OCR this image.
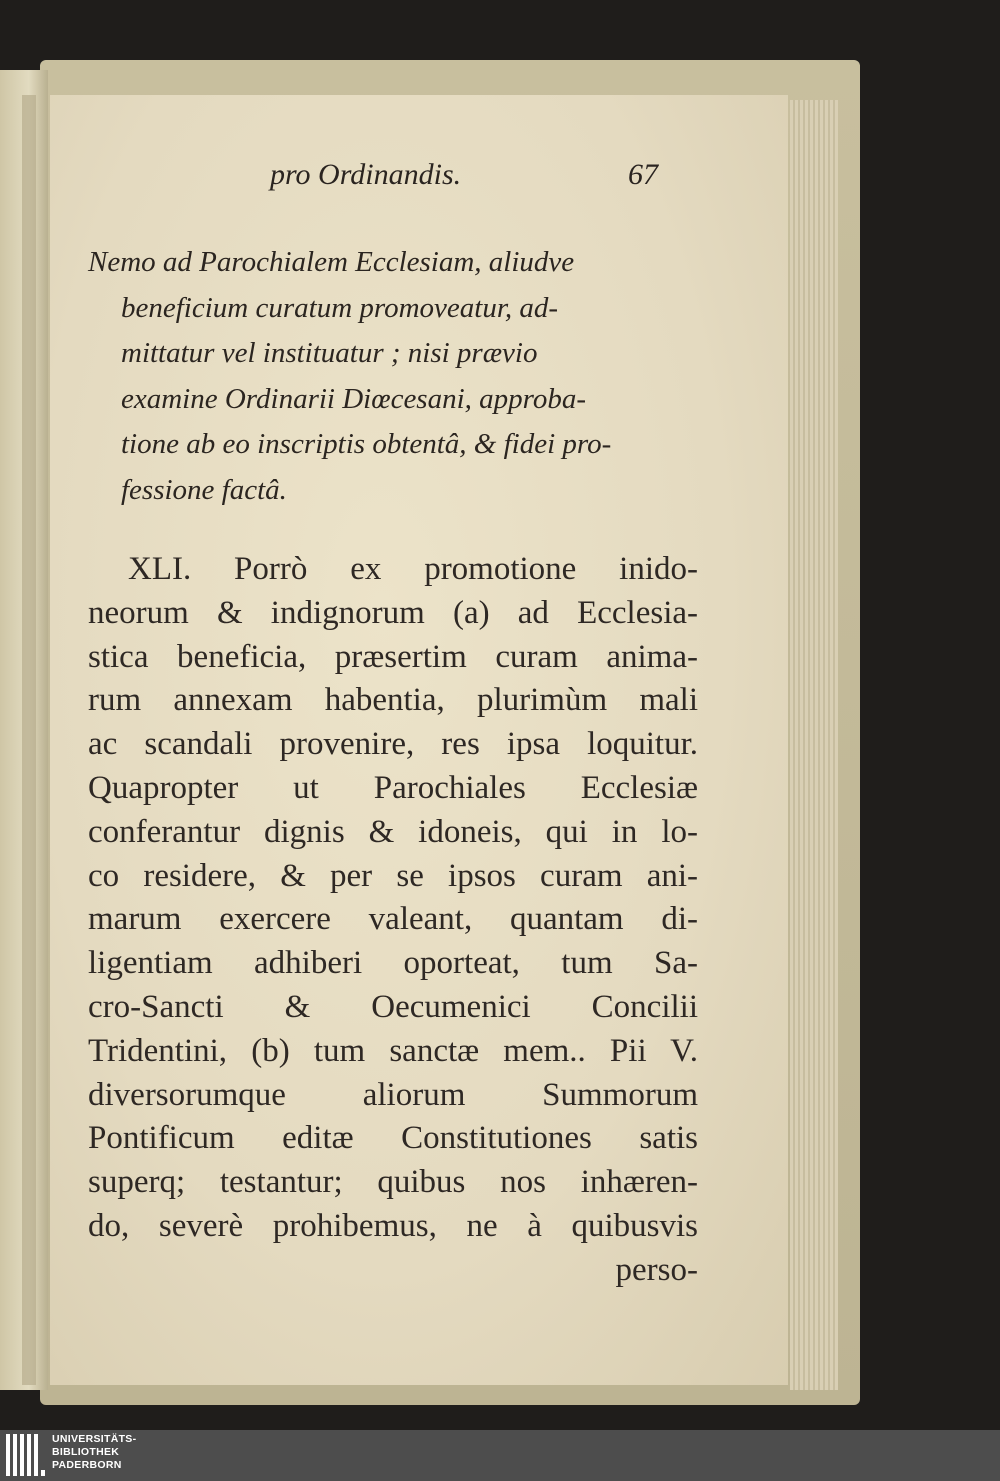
pro Ordinandis.	67

Nemo ad Parochialem Ecclesiam, aliudve
beneficium curatum promoveatur, ad-
mittatur vel instituatur ; nisi prævio
examine Ordinarii Diœcesani, approba-
tione ab eo inscriptis obtentâ, & fidei pro-
fessione factâ.

XLI. Porrò ex promotione inido-
neorum & indignorum (a) ad Ecclesia-
stica beneficia, præsertim curam anima-
rum annexam habentia, plurimùm mali
ac scandali provenire, res ipsa loquitur.
Quapropter ut Parochiales Ecclesiæ
conferantur dignis & idoneis, qui in lo-
co residere, & per se ipsos curam ani-
marum exercere valeant, quantam di-
ligentiam adhiberi oporteat, tum Sa-
cro-Sancti & Oecumenici Concilii
Tridentini, (b) tum sanctæ mem.. Pii V.
diversorumque aliorum Summorum
Pontificum editæ Constitutiones satis
superq; testantur; quibus nos inhæren-
do, severè prohibemus, ne à quibusvis
perso-

UNIVERSITÄTS-
BIBLIOTHEK
PADERBORN
